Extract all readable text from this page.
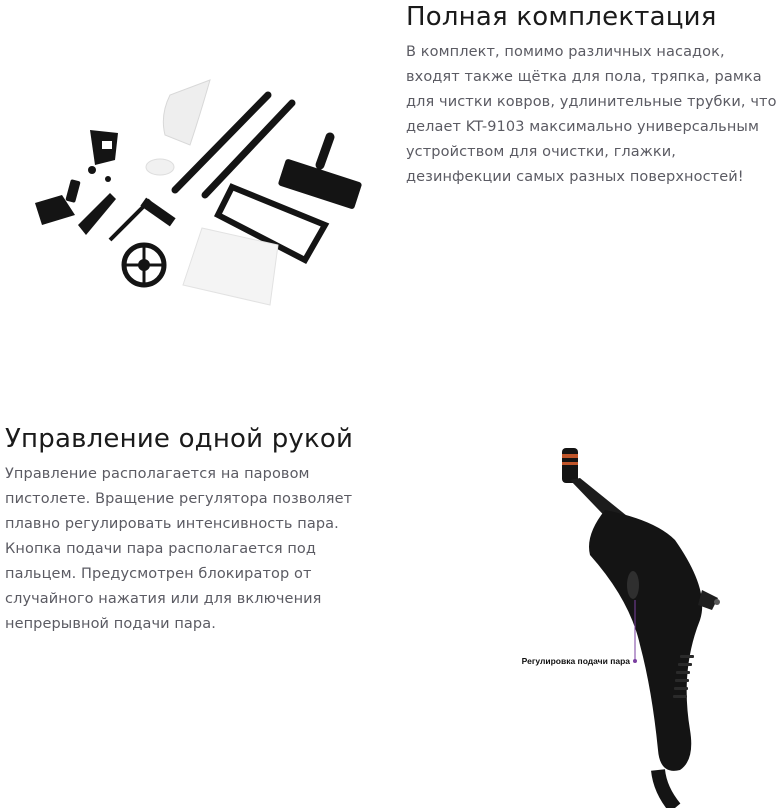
Полная комплектация

В комплект, помимо различных насадок, входят также щётка для пола, тряпка, рамка для чистки ковров, удлинительные трубки, что делает KT-9103 максимально универсальным устройством для очистки, глажки, дезинфекции самых разных поверхностей!

Управление одной рукой

Управление располагается на паровом пистолете. Вращение регулятора позволяет плавно регулировать интенсивность пара. Кнопка подачи пара располагается под пальцем. Предусмотрен блокиратор от случайного нажатия или для включения непрерывной подачи пара.

Регулировка подачи пара
